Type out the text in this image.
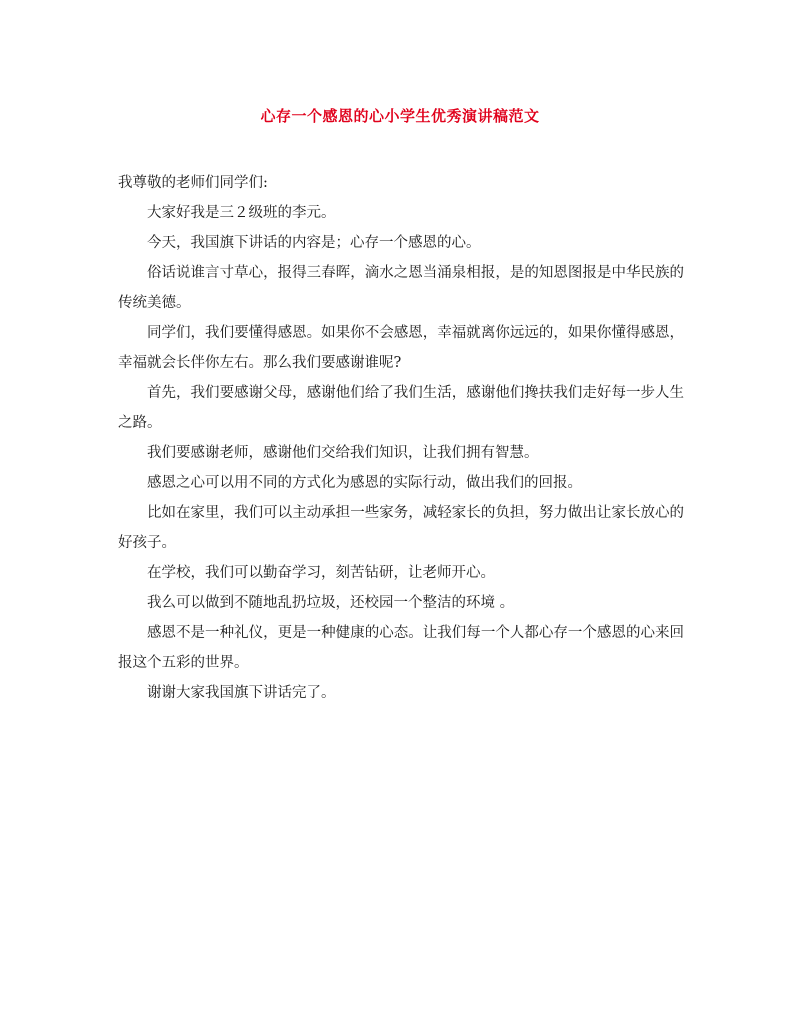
心存一个感恩的心小学生优秀演讲稿范文

我尊敬的老师们同学们:

大家好我是三２级班的李元。

今天，我国旗下讲话的内容是；心存一个感恩的心。

俗话说谁言寸草心，报得三春晖，滴水之恩当涌泉相报，是的知恩图报是中华民族的传统美德。

同学们，我们要懂得感恩。如果你不会感恩，幸福就离你远远的，如果你懂得感恩，幸福就会长伴你左右。那么我们要感谢谁呢?

首先，我们要感谢父母，感谢他们给了我们生活，感谢他们搀扶我们走好每一步人生之路。

我们要感谢老师，感谢他们交给我们知识，让我们拥有智慧。

感恩之心可以用不同的方式化为感恩的实际行动，做出我们的回报。

比如在家里，我们可以主动承担一些家务，减轻家长的负担，努力做出让家长放心的好孩子。

在学校，我们可以勤奋学习，刻苦钻研，让老师开心。

我么可以做到不随地乱扔垃圾，还校园一个整洁的环境 。

感恩不是一种礼仪，更是一种健康的心态。让我们每一个人都心存一个感恩的心来回报这个五彩的世界。

谢谢大家我国旗下讲话完了。
